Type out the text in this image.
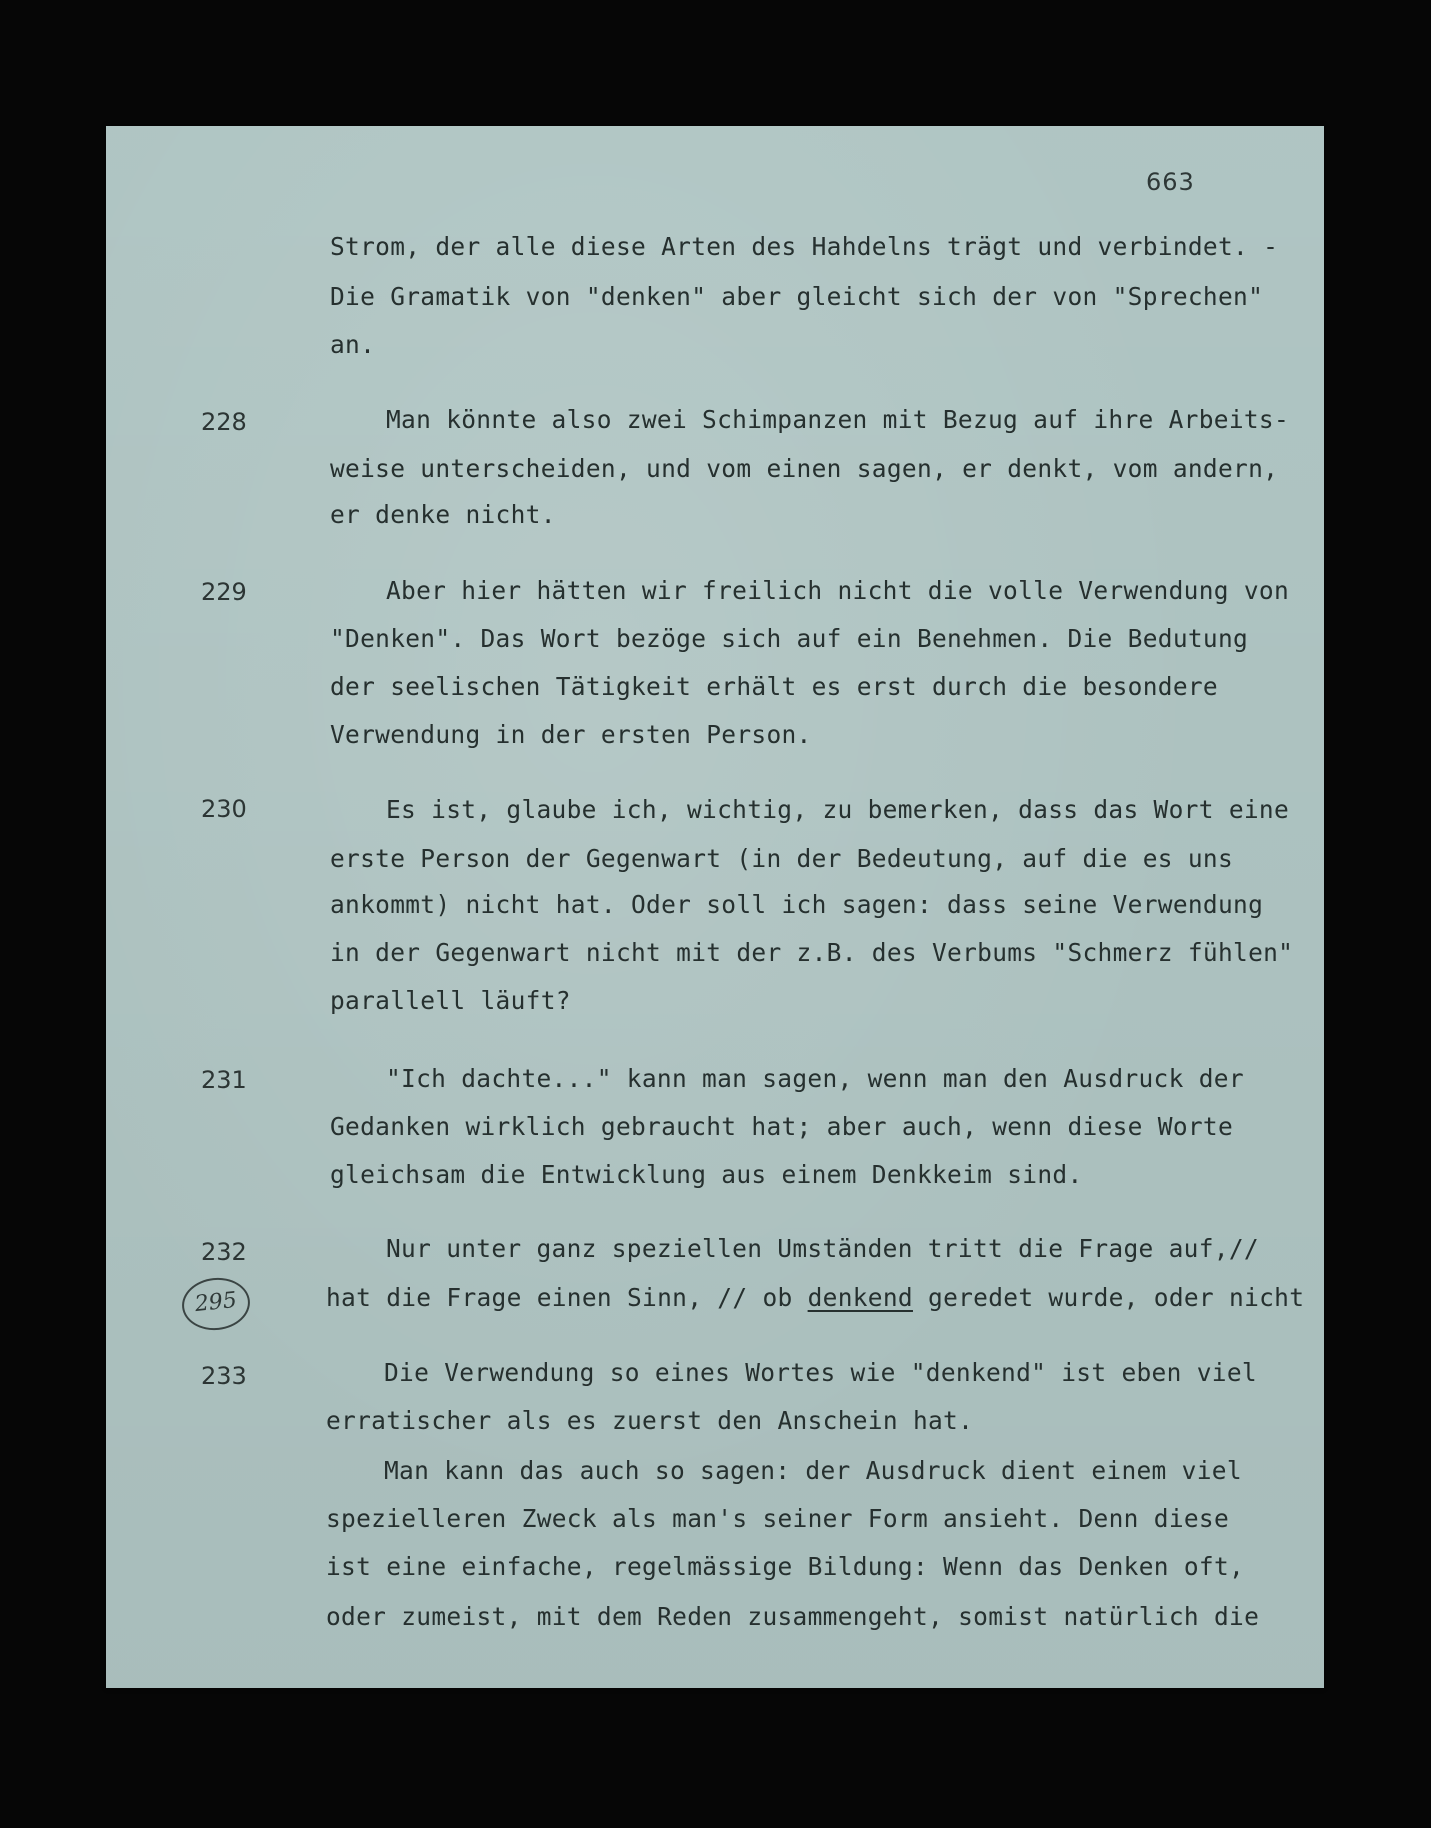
663
Strom, der alle diese Arten des Hahdelns trägt und verbindet. -
Die Gramatik von "denken" aber gleicht sich der von "Sprechen"
an.
228	Man könnte also zwei Schimpanzen mit Bezug auf ihre Arbeits-
weise unterscheiden, und vom einen sagen, er denkt, vom andern,
er denke nicht.
229	Aber hier hätten wir freilich nicht die volle Verwendung von
"Denken". Das Wort bezöge sich auf ein Benehmen. Die Bedutung
der seelischen Tätigkeit erhält es erst durch die besondere
Verwendung in der ersten Person.
230	Es ist, glaube ich, wichtig, zu bemerken, dass das Wort eine
erste Person der Gegenwart (in der Bedeutung, auf die es uns
ankommt) nicht hat. Oder soll ich sagen: dass seine Verwendung
in der Gegenwart nicht mit der z.B. des Verbums "Schmerz fühlen"
parallell läuft?
231	"Ich dachte..." kann man sagen, wenn man den Ausdruck der
Gedanken wirklich gebraucht hat; aber auch, wenn diese Worte
gleichsam die Entwicklung aus einem Denkkeim sind.
232
295
Nur unter ganz speziellen Umständen tritt die Frage auf,//
hat die Frage einen Sinn, // ob denkend geredet wurde, oder nicht
233	Die Verwendung so eines Wortes wie "denkend" ist eben viel
erratischer als es zuerst den Anschein hat.
Man kann das auch so sagen: der Ausdruck dient einem viel
spezielleren Zweck als man's seiner Form ansieht. Denn diese
ist eine einfache, regelmässige Bildung: Wenn das Denken oft,
oder zumeist, mit dem Reden zusammengeht, somist natürlich die
